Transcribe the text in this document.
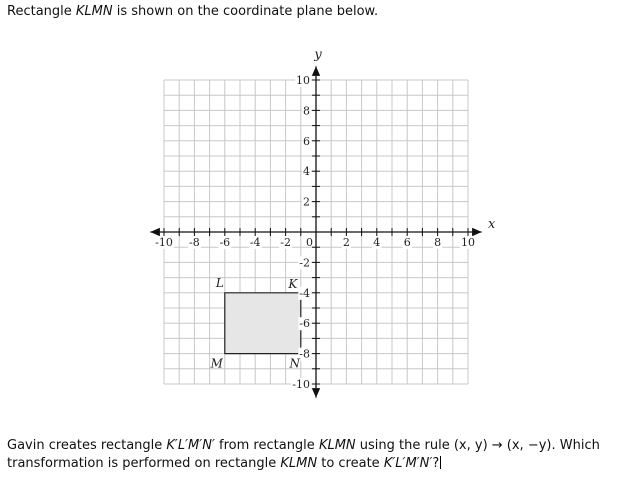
Rectangle KLMN is shown on the coordinate plane below.
-10 -8 -6 -4 -2	2 4 6 8 10
10
8
6
4
2
-2
-4
-6
-8
-10
0
x
y
K
L
M	N
Gavin creates rectangle K′L′M′N′ from rectangle KLMN using the rule (x, y) → (x, −y). Which transformation is performed on rectangle KLMN to create K′L′M′N′?
